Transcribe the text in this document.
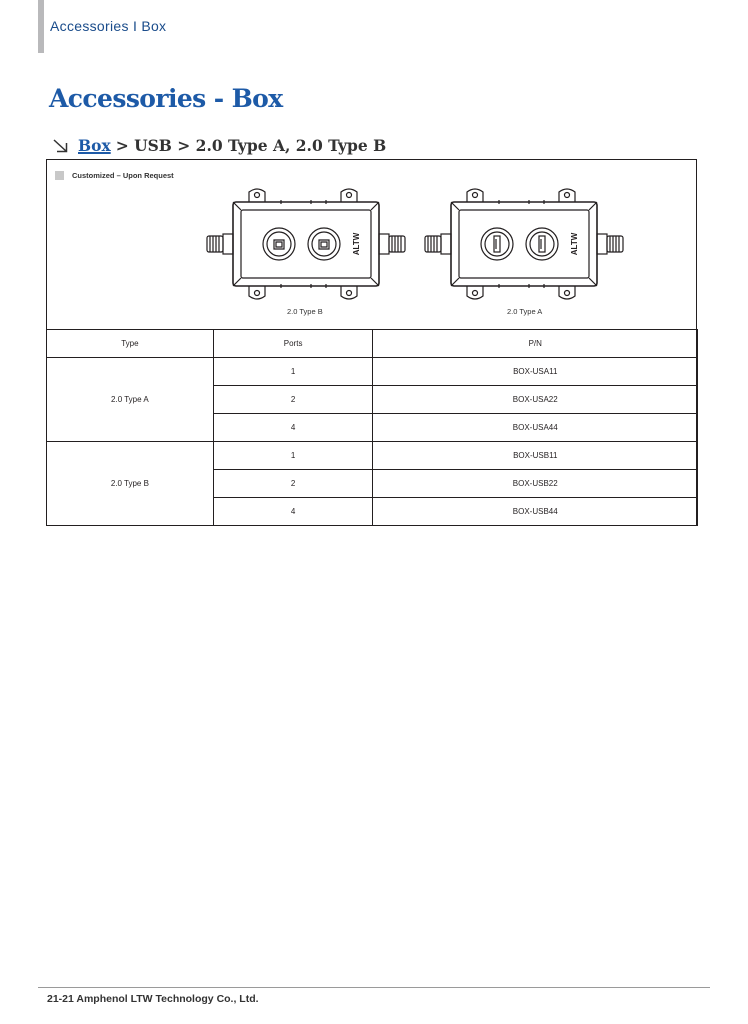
Accessories I Box
Accessories - Box
Box > USB > 2.0 Type A, 2.0 Type B
Customized – Upon Request
ALTW
2.0 Type B
ALTW
2.0 Type A
Type	Ports	P/N
2.0 Type A	1	BOX-USA11
	2	BOX-USA22
	4	BOX-USA44
2.0 Type B	1	BOX-USB11
	2	BOX-USB22
	4	BOX-USB44
21-21 Amphenol LTW Technology Co., Ltd.
